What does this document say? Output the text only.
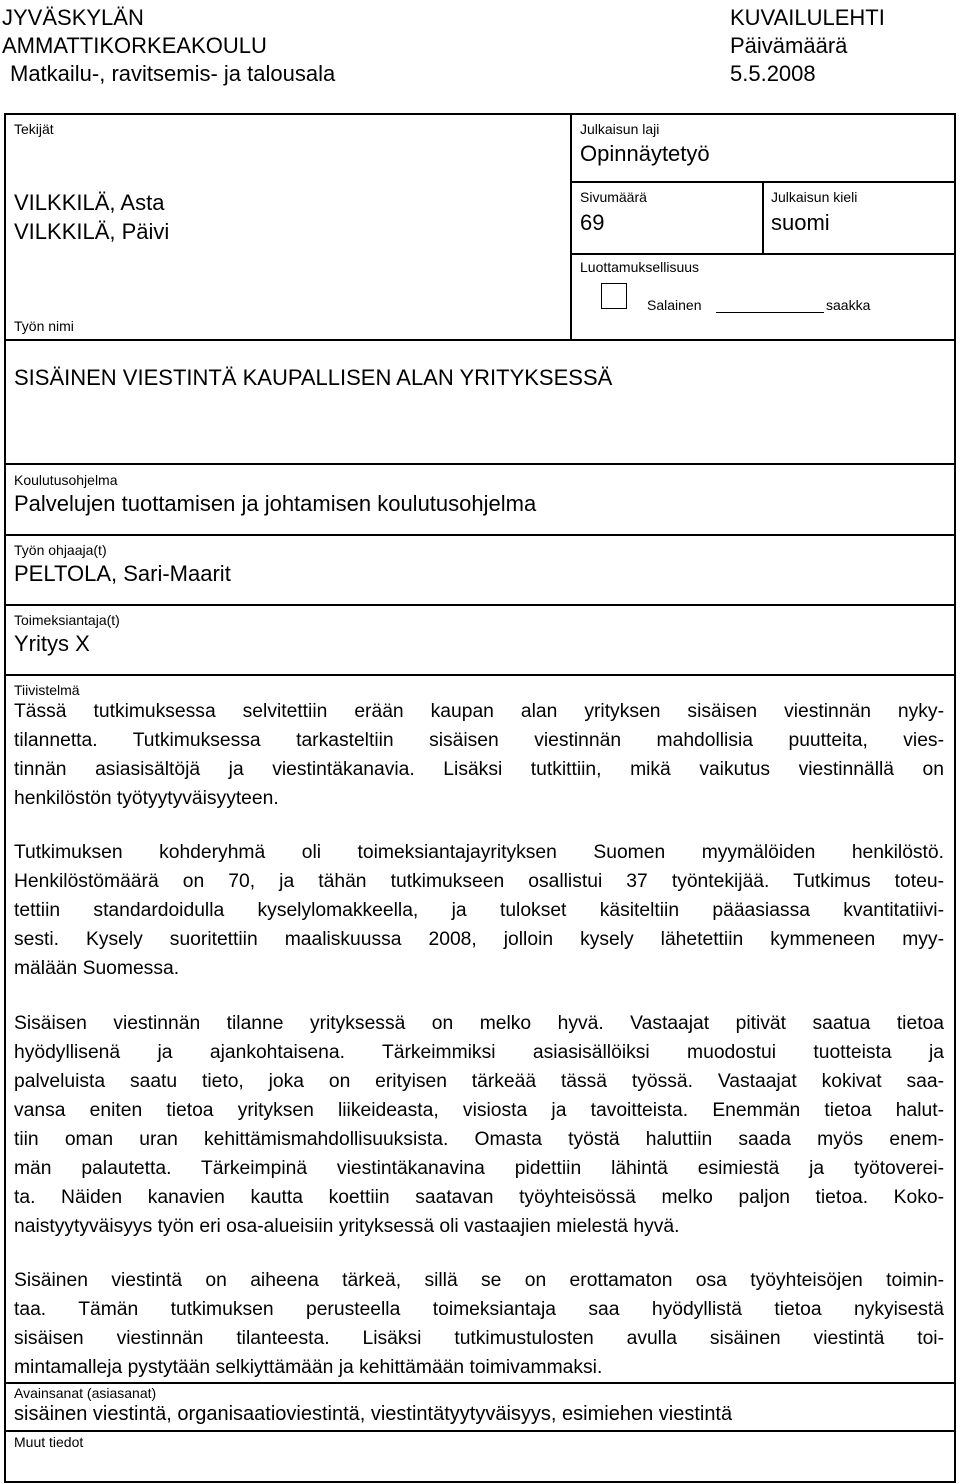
JYVÄSKYLÄN
AMMATTIKORKEAKOULU
Matkailu-, ravitsemis- ja talousala
KUVAILULEHTI
Päivämäärä
5.5.2008
Tekijät
VILKKILÄ, Asta
VILKKILÄ, Päivi
Julkaisun laji
Opinnäytetyö
Sivumäärä
69
Julkaisun kieli
suomi
Luottamuksellisuus
Salainen	saakka
Työn nimi
SISÄINEN VIESTINTÄ KAUPALLISEN ALAN YRITYKSESSÄ
Koulutusohjelma
Palvelujen tuottamisen ja johtamisen koulutusohjelma
Työn ohjaaja(t)
PELTOLA, Sari-Maarit
Toimeksiantaja(t)
Yritys X
Tiivistelmä
Tässä tutkimuksessa selvitettiin erään kaupan alan yrityksen sisäisen viestinnän nyky-
tilannetta. Tutkimuksessa tarkasteltiin sisäisen viestinnän mahdollisia puutteita, vies-
tinnän asiasisältöjä ja viestintäkanavia. Lisäksi tutkittiin, mikä vaikutus viestinnällä on
henkilöstön työtyytyväisyyteen.
Tutkimuksen kohderyhmä oli toimeksiantajayrityksen Suomen myymälöiden henkilöstö.
Henkilöstömäärä on 70, ja tähän tutkimukseen osallistui 37 työntekijää. Tutkimus toteu-
tettiin standardoidulla kyselylomakkeella, ja tulokset käsiteltiin pääasiassa kvantitatiivi-
sesti. Kysely suoritettiin maaliskuussa 2008, jolloin kysely lähetettiin kymmeneen myy-
mälään Suomessa.
Sisäisen viestinnän tilanne yrityksessä on melko hyvä. Vastaajat pitivät saatua tietoa
hyödyllisenä ja ajankohtaisena. Tärkeimmiksi asiasisällöiksi muodostui tuotteista ja
palveluista saatu tieto, joka on erityisen tärkeää tässä työssä. Vastaajat kokivat saa-
vansa eniten tietoa yrityksen liikeideasta, visiosta ja tavoitteista. Enemmän tietoa halut-
tiin oman uran kehittämismahdollisuuksista. Omasta työstä haluttiin saada myös enem-
män palautetta. Tärkeimpinä viestintäkanavina pidettiin lähintä esimiestä ja työtoverei-
ta. Näiden kanavien kautta koettiin saatavan työyhteisössä melko paljon tietoa. Koko-
naistyytyväisyys työn eri osa-alueisiin yrityksessä oli vastaajien mielestä hyvä.
Sisäinen viestintä on aiheena tärkeä, sillä se on erottamaton osa työyhteisöjen toimin-
taa. Tämän tutkimuksen perusteella toimeksiantaja saa hyödyllistä tietoa nykyisestä
sisäisen viestinnän tilanteesta. Lisäksi tutkimustulosten avulla sisäinen viestintä toi-
mintamalleja pystytään selkiyttämään ja kehittämään toimivammaksi.
Avainsanat (asiasanat)
sisäinen viestintä, organisaatioviestintä, viestintätyytyväisyys, esimiehen viestintä
Muut tiedot
